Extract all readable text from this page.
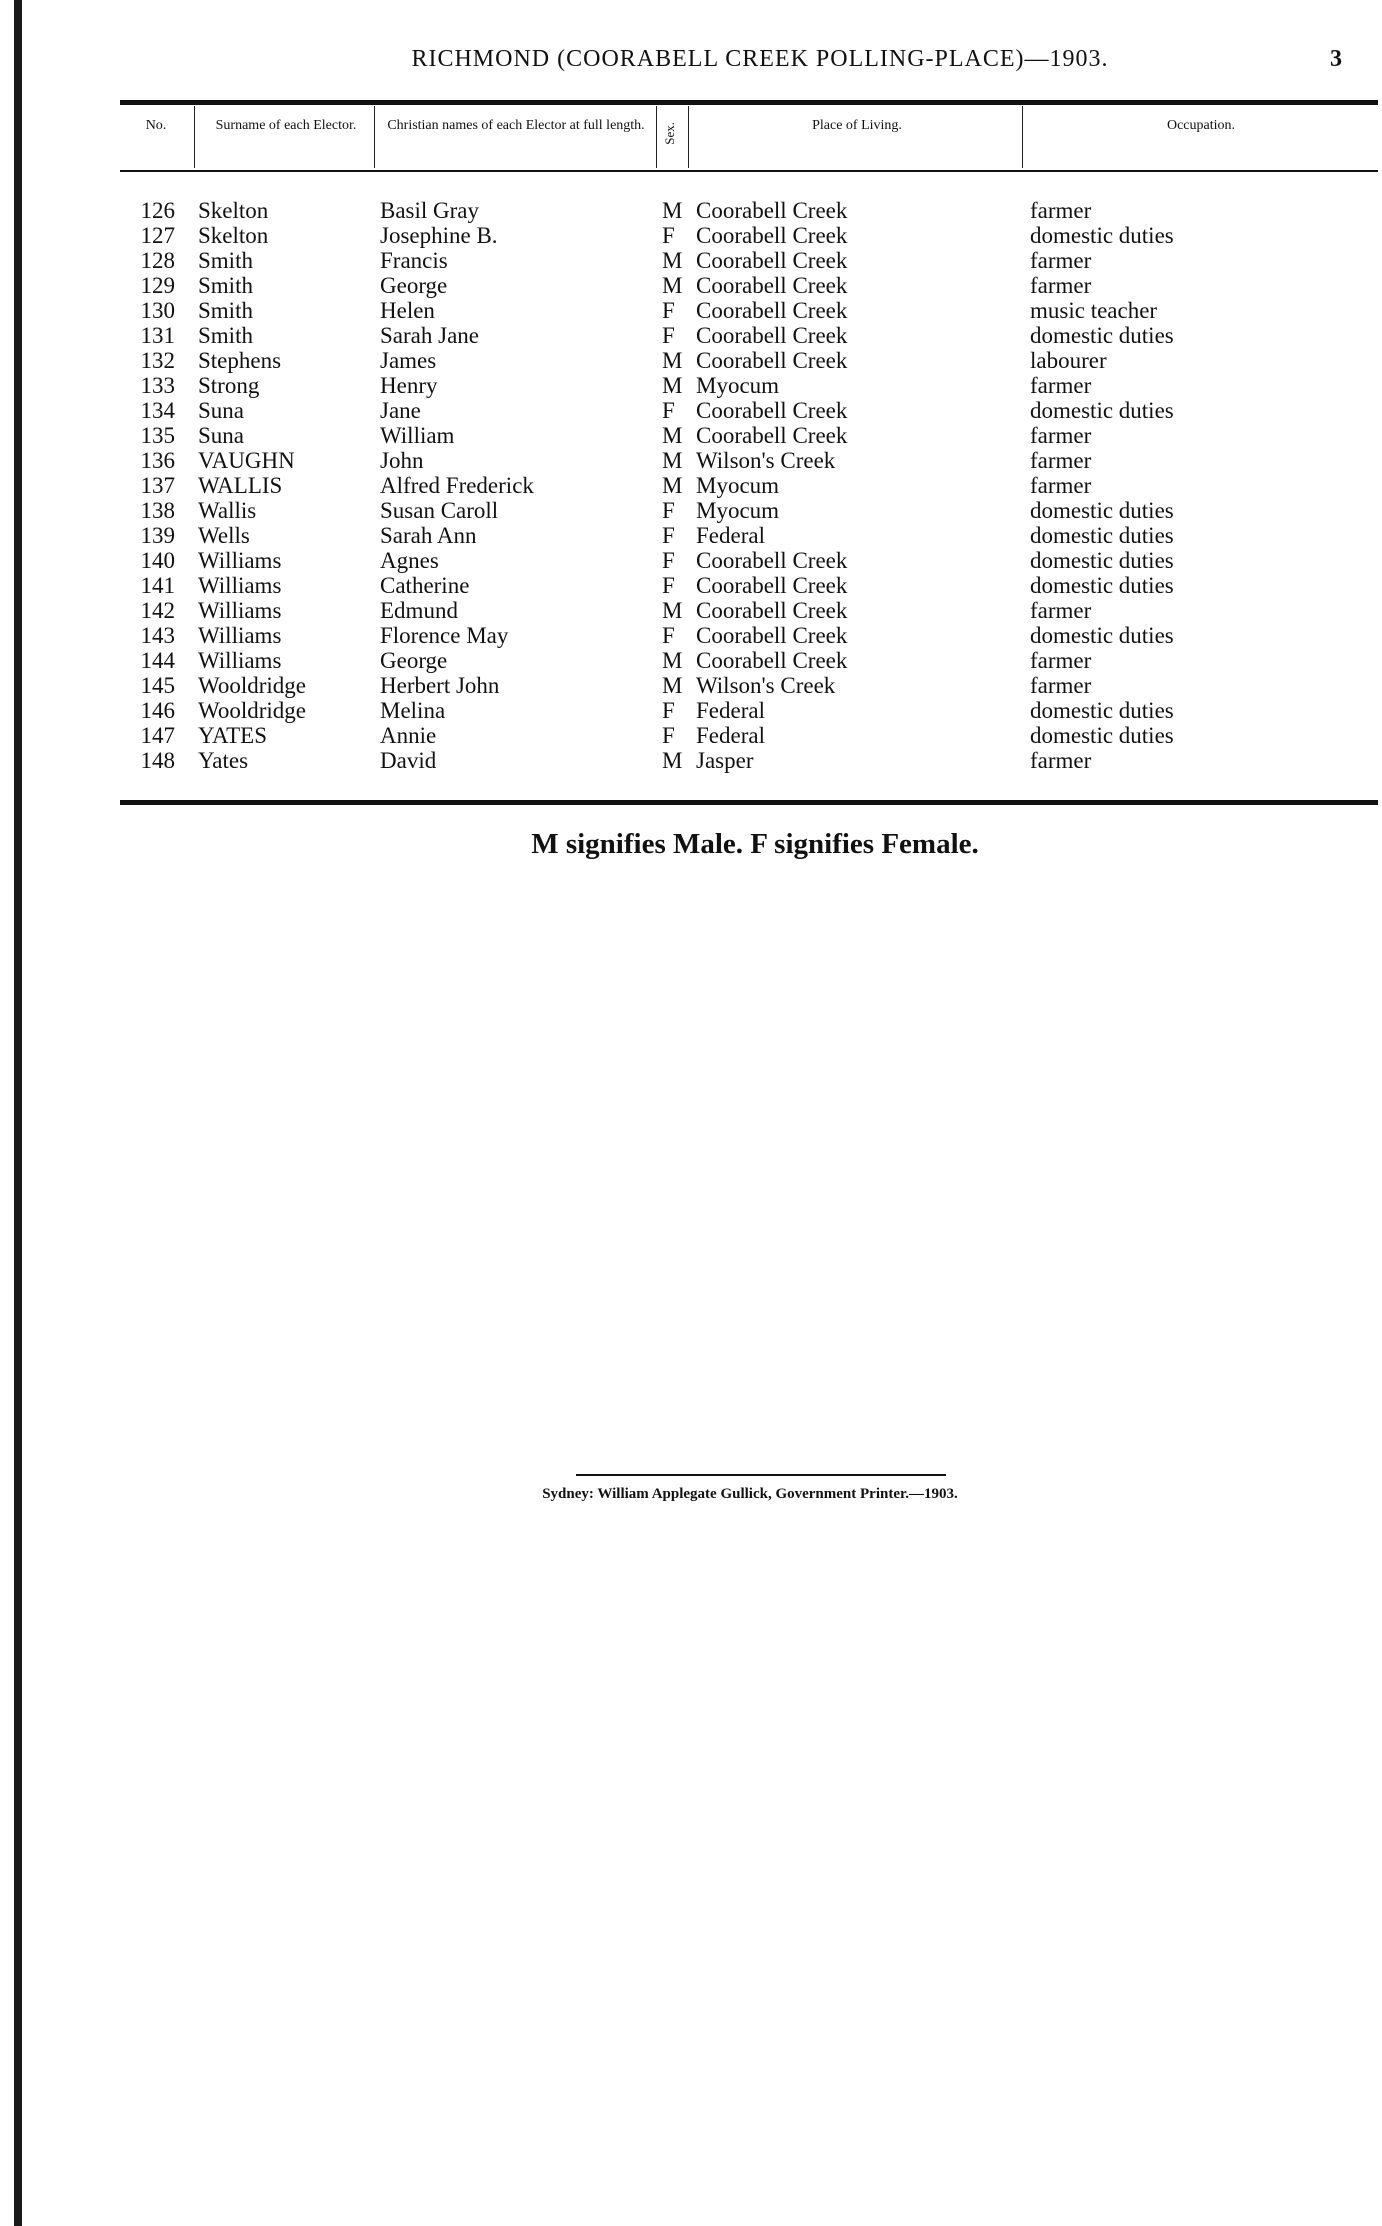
RICHMOND (COORABELL CREEK POLLING-PLACE)—1903.	3
No.	Surname of each Elector.	Christian names of each Elector at full length.	Sex.	Place of Living.	Occupation.
126 Skelton	Basil Gray	M Coorabell Creek	farmer
127 Skelton	Josephine B.	F Coorabell Creek	domestic duties
128 Smith	Francis	M Coorabell Creek	farmer
129 Smith	George	M Coorabell Creek	farmer
130 Smith	Helen	F Coorabell Creek	music teacher
131 Smith	Sarah Jane	F Coorabell Creek	domestic duties
132 Stephens	James	M Coorabell Creek	labourer
133 Strong	Henry	M Myocum	farmer
134 Suna	Jane	F Coorabell Creek	domestic duties
135 Suna	William	M Coorabell Creek	farmer
136 VAUGHN	John	M Wilson's Creek	farmer
137 WALLIS	Alfred Frederick	M Myocum	farmer
138 Wallis	Susan Caroll	F Myocum	domestic duties
139 Wells	Sarah Ann	F Federal	domestic duties
140 Williams	Agnes	F Coorabell Creek	domestic duties
141 Williams	Catherine	F Coorabell Creek	domestic duties
142 Williams	Edmund	M Coorabell Creek	farmer
143 Williams	Florence May	F Coorabell Creek	domestic duties
144 Williams	George	M Coorabell Creek	farmer
145 Wooldridge	Herbert John	M Wilson's Creek	farmer
146 Wooldridge	Melina	F Federal	domestic duties
147 YATES	Annie	F Federal	domestic duties
148 Yates	David	M Jasper	farmer
M signifies Male. F signifies Female.
Sydney: William Applegate Gullick, Government Printer.—1903.
